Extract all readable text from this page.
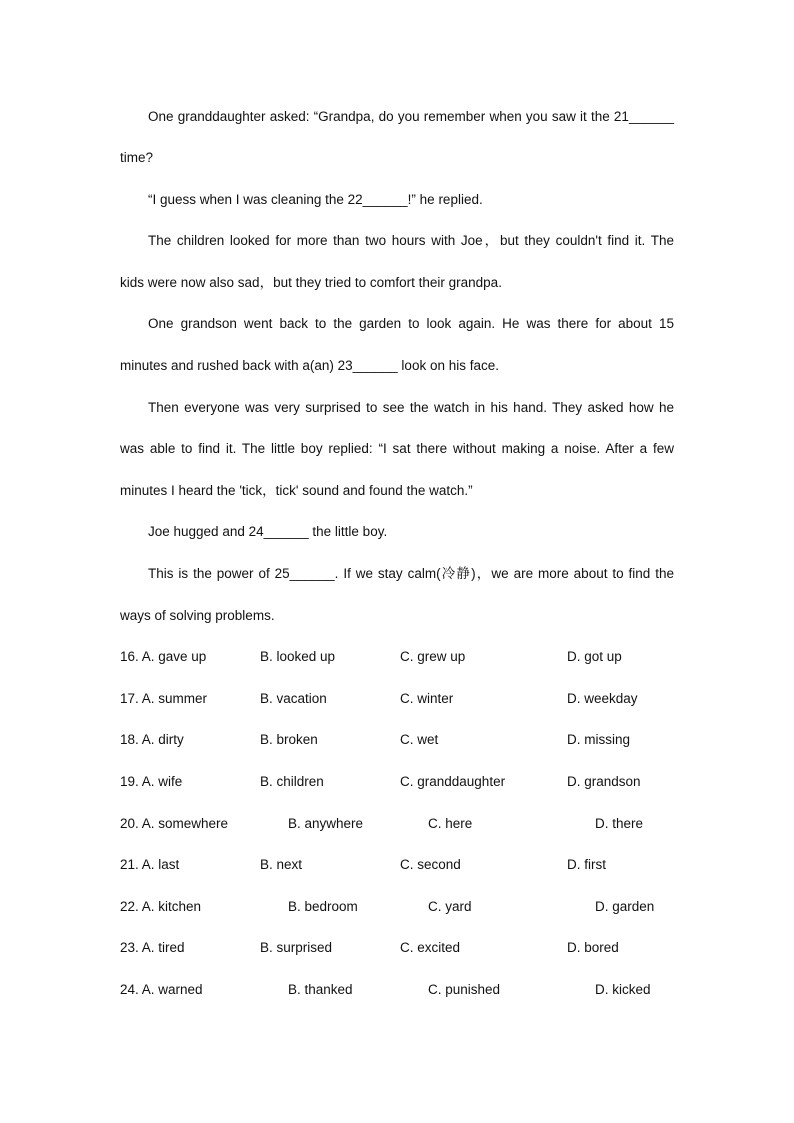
One granddaughter asked: “Grandpa, do you remember when you saw it the 21______
time?
“I guess when I was cleaning the 22______!” he replied.
The children looked for more than two hours with Joe，but they couldn't find it. The
kids were now also sad，but they tried to comfort their grandpa.
One grandson went back to the garden to look again. He was there for about 15
minutes and rushed back with a(an) 23______ look on his face.
Then everyone was very surprised to see the watch in his hand. They asked how he
was able to find it. The little boy replied: “I sat there without making a noise. After a few
minutes I heard the 'tick，tick' sound and found the watch.”
Joe hugged and 24______ the little boy.
This is the power of 25______. If we stay calm(冷静)，we are more about to find the
ways of solving problems.
16. A. gave up	B. looked up	C. grew up	D. got up
17. A. summer	B. vacation	C. winter	D. weekday
18. A. dirty	B. broken	C. wet	D. missing
19. A. wife	B. children	C. granddaughter	D. grandson
20. A. somewhere	B. anywhere	C. here	D. there
21. A. last	B. next	C. second	D. first
22. A. kitchen	B. bedroom	C. yard	D. garden
23. A. tired	B. surprised	C. excited	D. bored
24. A. warned	B. thanked	C. punished	D. kicked
